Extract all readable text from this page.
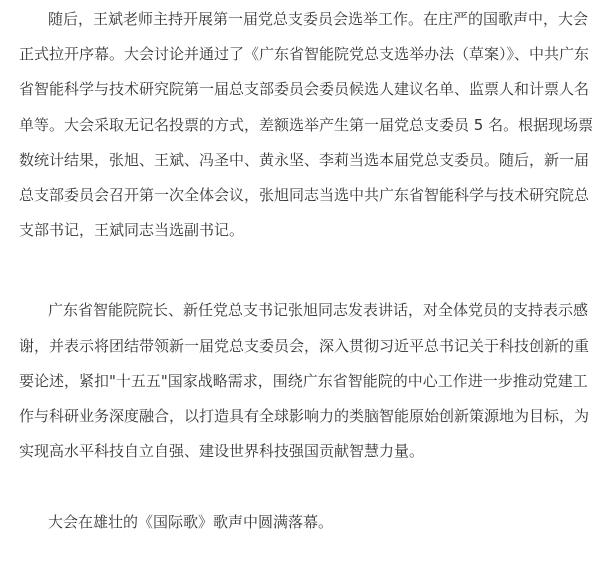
随后，王斌老师主持开展第一届党总支委员会选举工作。在庄严的国歌声中，大会
正式拉开序幕。大会讨论并通过了《广东省智能院党总支选举办法（草案）》、中共广东
省智能科学与技术研究院第一届总支部委员会委员候选人建议名单、监票人和计票人名
单等。大会采取无记名投票的方式，差额选举产生第一届党总支委员 5 名。根据现场票
数统计结果，张旭、王斌、冯圣中、黄永坚、李莉当选本届党总支委员。随后，新一届
总支部委员会召开第一次全体会议，张旭同志当选中共广东省智能科学与技术研究院总
支部书记，王斌同志当选副书记。
广东省智能院院长、新任党总支书记张旭同志发表讲话，对全体党员的支持表示感
谢，并表示将团结带领新一届党总支委员会，深入贯彻习近平总书记关于科技创新的重
要论述，紧扣"十五五"国家战略需求，围绕广东省智能院的中心工作进一步推动党建工
作与科研业务深度融合，以打造具有全球影响力的类脑智能原始创新策源地为目标，为
实现高水平科技自立自强、建设世界科技强国贡献智慧力量。
大会在雄壮的《国际歌》歌声中圆满落幕。
